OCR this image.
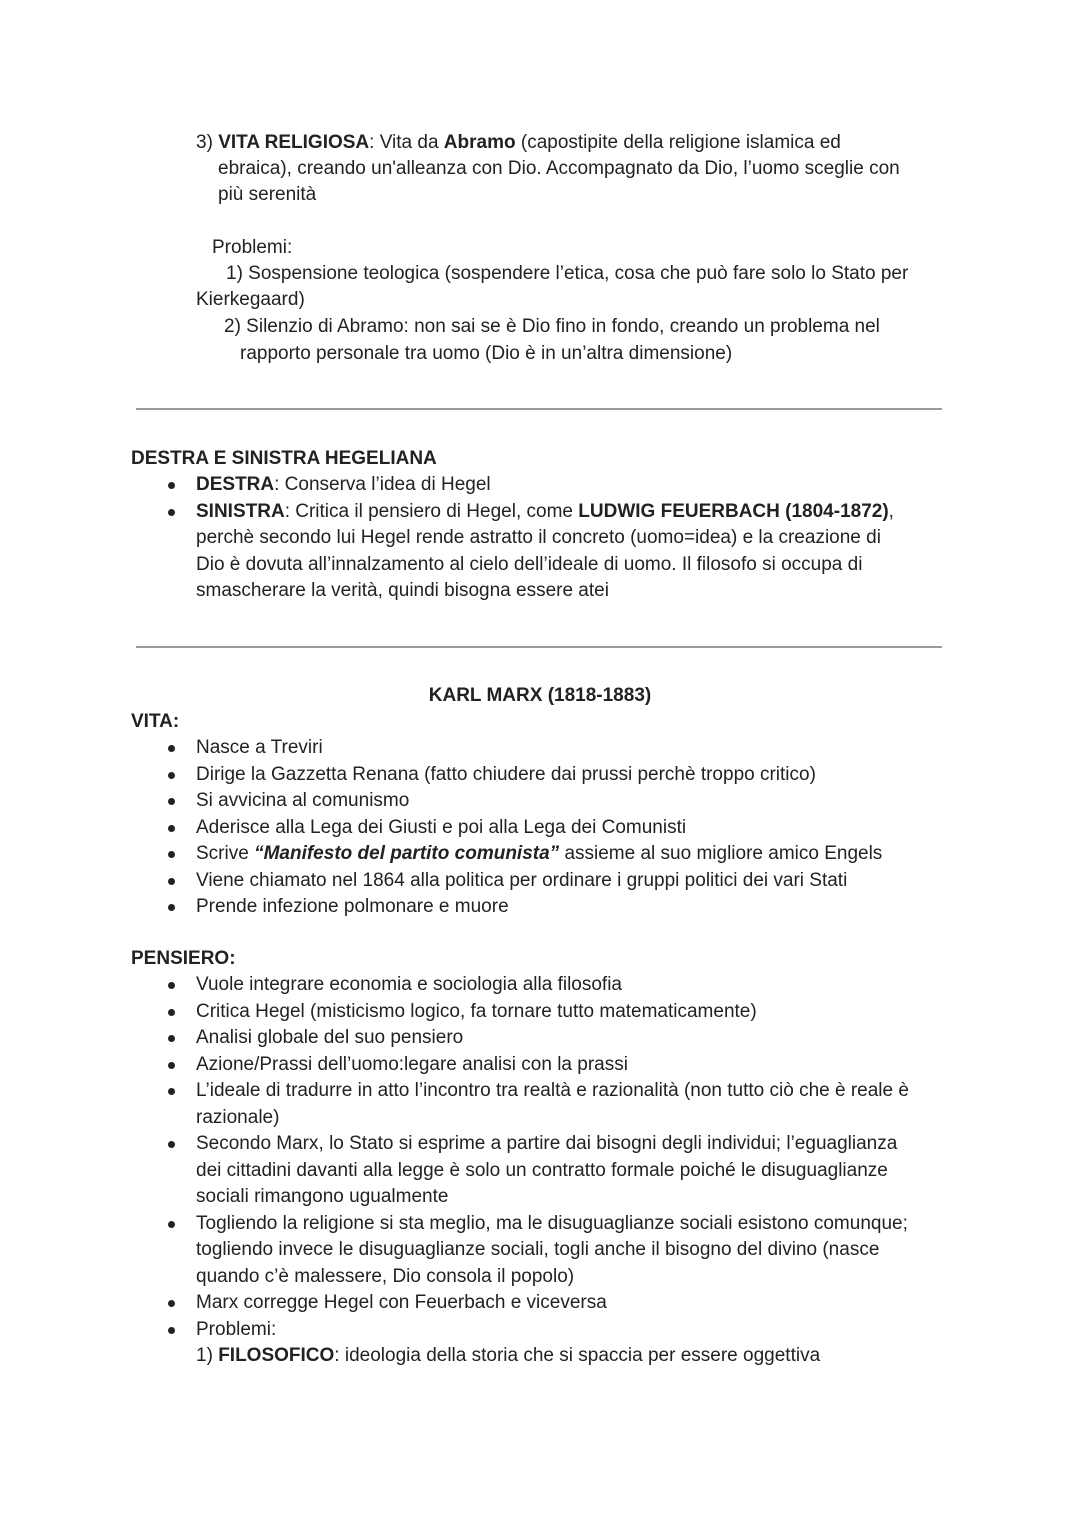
3) VITA RELIGIOSA: Vita da Abramo (capostipite della religione islamica ed
ebraica), creando un'alleanza con Dio. Accompagnato da Dio, l’uomo sceglie con
più serenità
Problemi:
1) Sospensione teologica (sospendere l’etica, cosa che può fare solo lo Stato per
Kierkegaard)
2) Silenzio di Abramo: non sai se è Dio fino in fondo, creando un problema nel
rapporto personale tra uomo (Dio è in un’altra dimensione)
DESTRA E SINISTRA HEGELIANA
DESTRA: Conserva l’idea di Hegel
SINISTRA: Critica il pensiero di Hegel, come LUDWIG FEUERBACH (1804-1872),
perchè secondo lui Hegel rende astratto il concreto (uomo=idea) e la creazione di
Dio è dovuta all’innalzamento al cielo dell’ideale di uomo. Il filosofo si occupa di
smascherare la verità, quindi bisogna essere atei
KARL MARX (1818-1883)
VITA:
Nasce a Treviri
Dirige la Gazzetta Renana (fatto chiudere dai prussi perchè troppo critico)
Si avvicina al comunismo
Aderisce alla Lega dei Giusti e poi alla Lega dei Comunisti
Scrive “Manifesto del partito comunista” assieme al suo migliore amico Engels
Viene chiamato nel 1864 alla politica per ordinare i gruppi politici dei vari Stati
Prende infezione polmonare e muore
PENSIERO:
Vuole integrare economia e sociologia alla filosofia
Critica Hegel (misticismo logico, fa tornare tutto matematicamente)
Analisi globale del suo pensiero
Azione/Prassi dell’uomo:legare analisi con la prassi
L’ideale di tradurre in atto l’incontro tra realtà e razionalità (non tutto ciò che è reale è
razionale)
Secondo Marx, lo Stato si esprime a partire dai bisogni degli individui; l’eguaglianza
dei cittadini davanti alla legge è solo un contratto formale poiché le disuguaglianze
sociali rimangono ugualmente
Togliendo la religione si sta meglio, ma le disuguaglianze sociali esistono comunque;
togliendo invece le disuguaglianze sociali, togli anche il bisogno del divino (nasce
quando c’è malessere, Dio consola il popolo)
Marx corregge Hegel con Feuerbach e viceversa
Problemi:
1) FILOSOFICO: ideologia della storia che si spaccia per essere oggettiva
